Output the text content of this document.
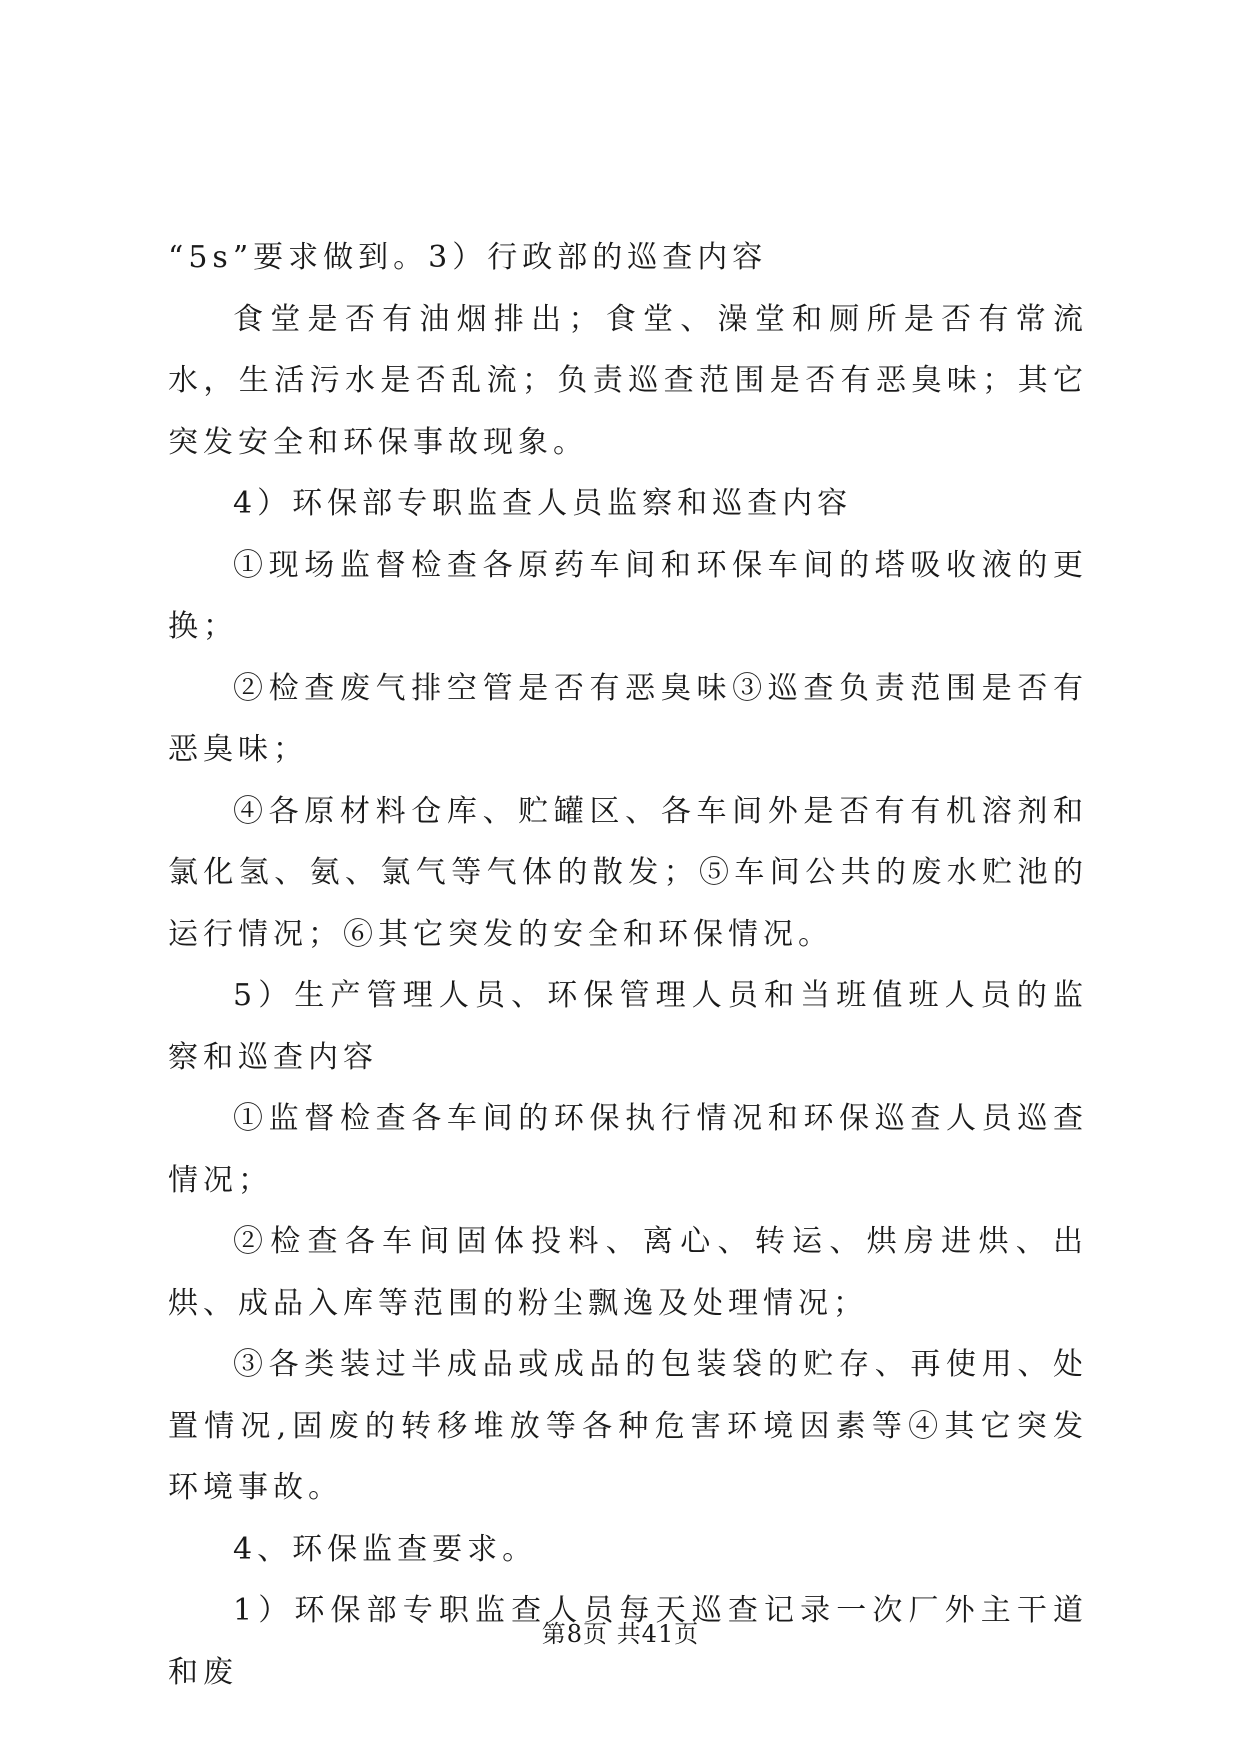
“5s”要求做到。3）行政部的巡查内容

食堂是否有油烟排出；食堂、澡堂和厕所是否有常流水，生活污水是否乱流；负责巡查范围是否有恶臭味；其它突发安全和环保事故现象。

4）环保部专职监查人员监察和巡查内容

①现场监督检查各原药车间和环保车间的塔吸收液的更换；

②检查废气排空管是否有恶臭味③巡查负责范围是否有恶臭味；

④各原材料仓库、贮罐区、各车间外是否有有机溶剂和氯化氢、氨、氯气等气体的散发；⑤车间公共的废水贮池的运行情况；⑥其它突发的安全和环保情况。

5）生产管理人员、环保管理人员和当班值班人员的监察和巡查内容

①监督检查各车间的环保执行情况和环保巡查人员巡查情况；

②检查各车间固体投料、离心、转运、烘房进烘、出烘、成品入库等范围的粉尘飘逸及处理情况；

③各类装过半成品或成品的包装袋的贮存、再使用、处置情况,固废的转移堆放等各种危害环境因素等④其它突发环境事故。

4、环保监查要求。

1）环保部专职监查人员每天巡查记录一次厂外主干道和废

第8页 共41页
